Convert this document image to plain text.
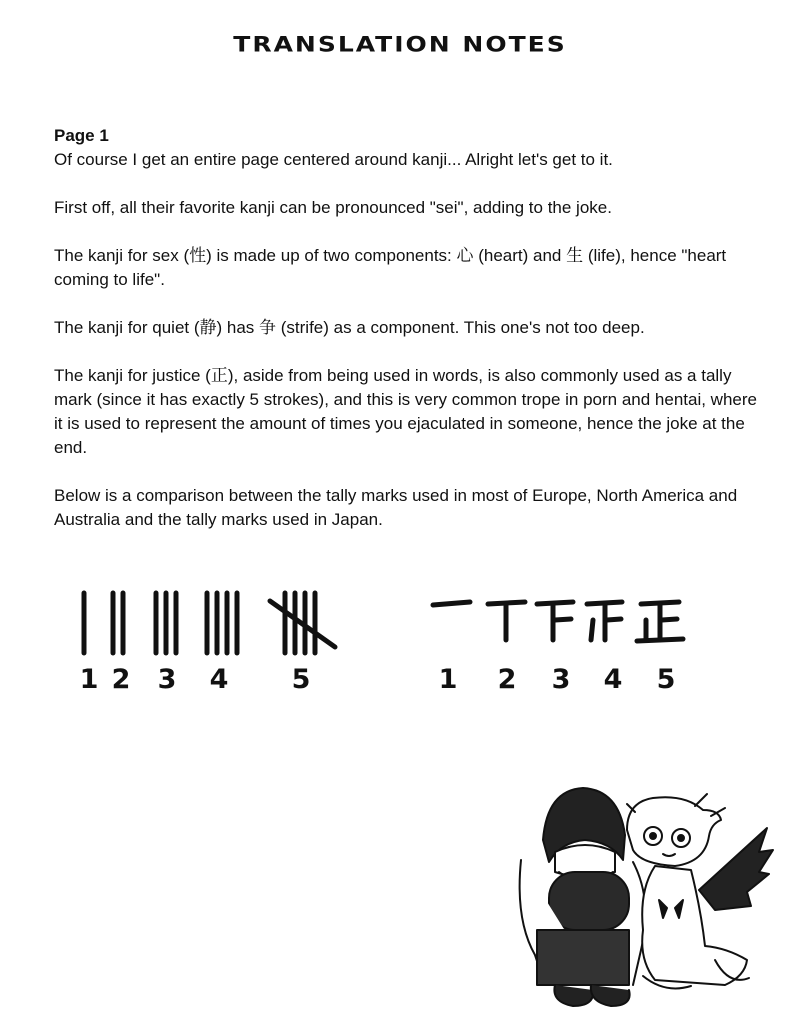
TRANSLATION NOTES

Page 1

Of course I get an entire page centered around kanji... Alright let's get to it.

First off, all their favorite kanji can be pronounced "sei", adding to the joke.

The kanji for sex (性) is made up of two components: 心 (heart) and 生 (life), hence "heart coming to life".

The kanji for quiet (静) has 争 (strife) as a component. This one's not too deep.

The kanji for justice (正), aside from being used in words, is also commonly used as a tally mark (since it has exactly 5 strokes), and this is very common trope in porn and hentai, where it is used to represent the amount of times you ejaculated in someone, hence the joke at the end.

Below is a comparison between the tally marks used in most of Europe, North America and Australia and the tally marks used in Japan.

1 2 3 4 5	1 2 3 4 5
